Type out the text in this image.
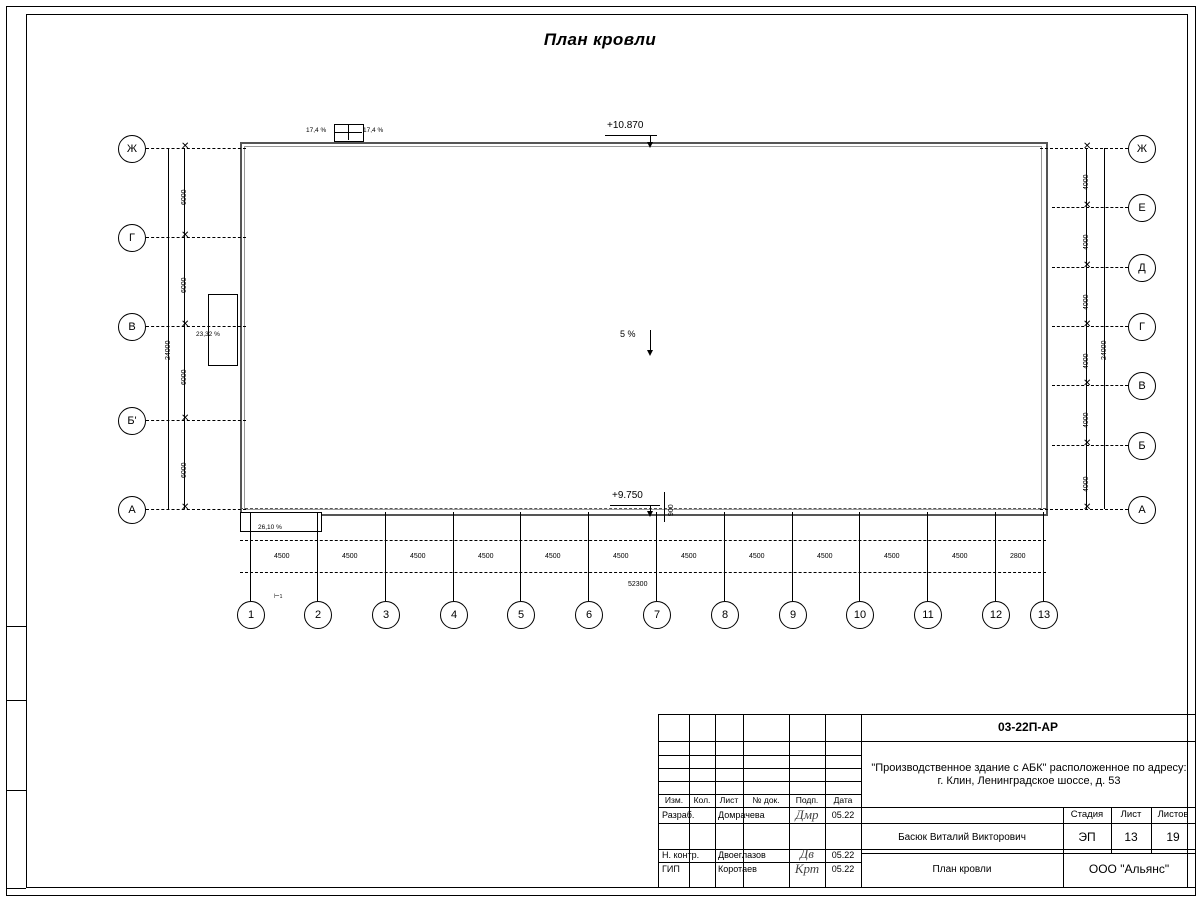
План кровли
17,4 %	17,4 %
23,32 %
26,10 %
5 %
+10.870
+9.750
900
Ж
Г
В
Б'
А
✕
✕
✕
✕
✕
6000
6000
6000
6000
24000
Ж
Е
Д
Г
В
Б
А
✕
✕
✕
✕
✕
✕
✕
4000
4000
4000
4000
4000
4000
24000
1	2	3	4	5	6	7	8	9	10	11	12	13
4500	4500	4500	4500	4500	4500	4500	4500	4500	4500	4500	2800
52300
⊢1
03-22П-АР
"Производственное здание с АБК" расположенное по адресу:
г. Клин, Ленинградское шоссе, д. 53
Изм.	Кол.	Лист	№ док.	Подп.	Дата
Разраб.	Домрачева	Дмр	05.22
Н. контр.	Двоеглазов	Дв	05.22
ГИП	Коротаев	Крт	05.22
Басюк Виталий Викторович
План кровли
Стадия	Лист	Листов
ЭП	13	19
ООО "Альянс"
